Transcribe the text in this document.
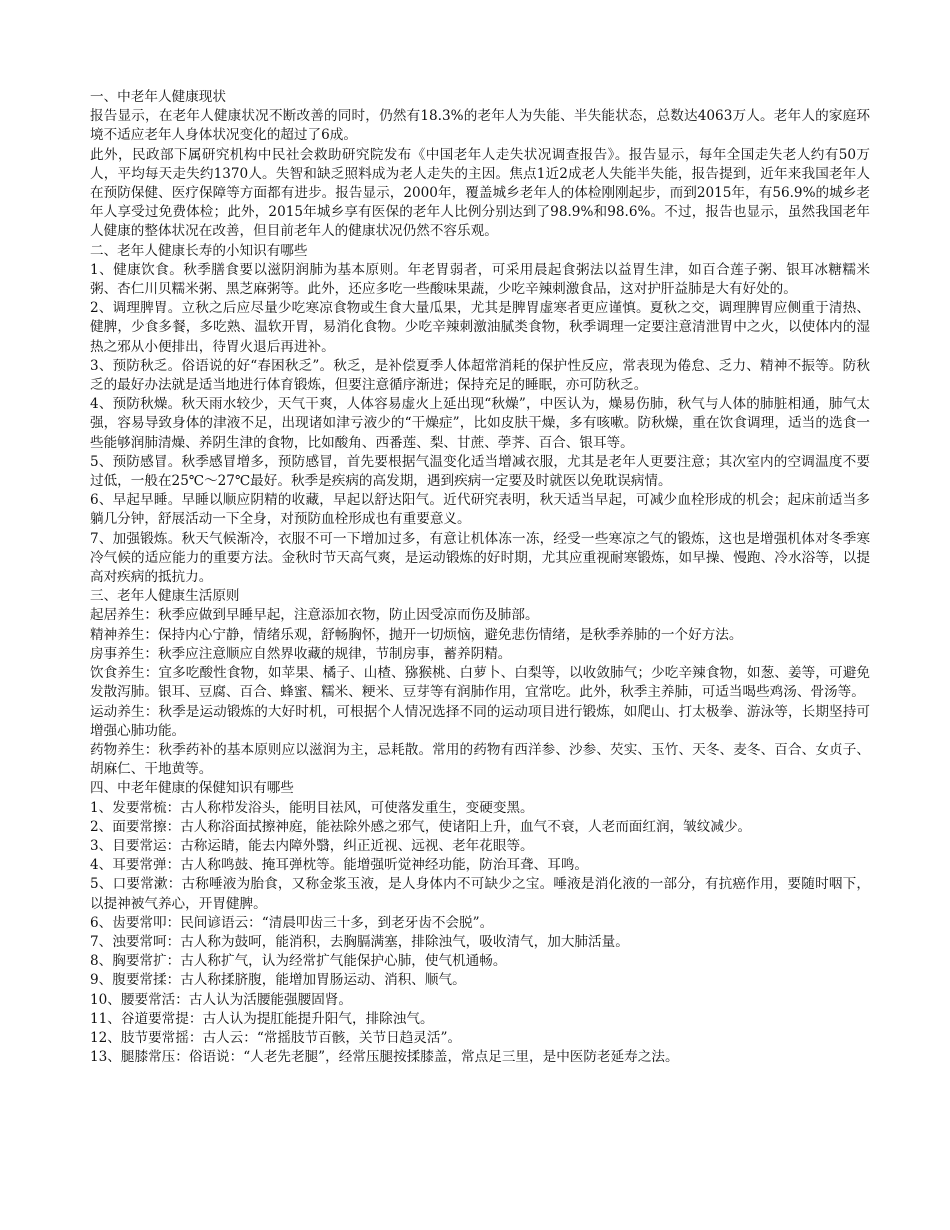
一、中老年人健康现状

报告显示，在老年人健康状况不断改善的同时，仍然有18.3%的老年人为失能、半失能状态，总数达4063万人。老年人的家庭环境不适应老年人身体状况变化的超过了6成。

此外，民政部下属研究机构中民社会救助研究院发布《中国老年人走失状况调查报告》。报告显示，每年全国走失老人约有50万人，平均每天走失约1370人。失智和缺乏照料成为老人走失的主因。焦点1近2成老人失能半失能，报告提到，近年来我国老年人在预防保健、医疗保障等方面都有进步。报告显示，2000年，覆盖城乡老年人的体检刚刚起步，而到2015年，有56.9%的城乡老年人享受过免费体检；此外，2015年城乡享有医保的老年人比例分别达到了98.9%和98.6%。不过，报告也显示，虽然我国老年人健康的整体状况在改善，但目前老年人的健康状况仍然不容乐观。

二、老年人健康长寿的小知识有哪些

1、健康饮食。秋季膳食要以滋阴润肺为基本原则。年老胃弱者，可采用晨起食粥法以益胃生津，如百合莲子粥、银耳冰糖糯米粥、杏仁川贝糯米粥、黑芝麻粥等。此外，还应多吃一些酸味果蔬，少吃辛辣刺激食品，这对护肝益肺是大有好处的。

2、调理脾胃。立秋之后应尽量少吃寒凉食物或生食大量瓜果，尤其是脾胃虚寒者更应谨慎。夏秋之交，调理脾胃应侧重于清热、健脾，少食多餐，多吃熟、温软开胃，易消化食物。少吃辛辣刺激油腻类食物，秋季调理一定要注意清泄胃中之火，以使体内的湿热之邪从小便排出，待胃火退后再进补。

3、预防秋乏。俗语说的好“春困秋乏”。秋乏，是补偿夏季人体超常消耗的保护性反应，常表现为倦怠、乏力、精神不振等。防秋乏的最好办法就是适当地进行体育锻炼，但要注意循序渐进；保持充足的睡眠，亦可防秋乏。

4、预防秋燥。秋天雨水较少，天气干爽，人体容易虚火上延出现“秋燥”，中医认为，燥易伤肺，秋气与人体的肺脏相通，肺气太强，容易导致身体的津液不足，出现诸如津亏液少的“干燥症”，比如皮肤干燥，多有咳嗽。防秋燥，重在饮食调理，适当的选食一些能够润肺清燥、养阴生津的食物，比如酸角、西番莲、梨、甘蔗、荸荠、百合、银耳等。

5、预防感冒。秋季感冒增多，预防感冒，首先要根据气温变化适当增减衣服，尤其是老年人更要注意；其次室内的空调温度不要过低，一般在25℃～27℃最好。秋季是疾病的高发期，遇到疾病一定要及时就医以免耽误病情。

6、早起早睡。早睡以顺应阴精的收藏，早起以舒达阳气。近代研究表明，秋天适当早起，可减少血栓形成的机会；起床前适当多躺几分钟，舒展活动一下全身，对预防血栓形成也有重要意义。

7、加强锻炼。秋天气候渐冷，衣服不可一下增加过多，有意让机体冻一冻，经受一些寒凉之气的锻炼，这也是增强机体对冬季寒冷气候的适应能力的重要方法。金秋时节天高气爽，是运动锻炼的好时期，尤其应重视耐寒锻炼，如早操、慢跑、冷水浴等，以提高对疾病的抵抗力。

三、老年人健康生活原则

起居养生：秋季应做到早睡早起，注意添加衣物，防止因受凉而伤及肺部。

精神养生：保持内心宁静，情绪乐观，舒畅胸怀，抛开一切烦恼，避免悲伤情绪，是秋季养肺的一个好方法。

房事养生：秋季应注意顺应自然界收藏的规律，节制房事，蓄养阴精。

饮食养生：宜多吃酸性食物，如苹果、橘子、山楂、猕猴桃、白萝卜、白梨等，以收敛肺气；少吃辛辣食物，如葱、姜等，可避免发散泻肺。银耳、豆腐、百合、蜂蜜、糯米、粳米、豆芽等有润肺作用，宜常吃。此外，秋季主养肺，可适当喝些鸡汤、骨汤等。

运动养生：秋季是运动锻炼的大好时机，可根据个人情况选择不同的运动项目进行锻炼，如爬山、打太极拳、游泳等，长期坚持可增强心肺功能。

药物养生：秋季药补的基本原则应以滋润为主，忌耗散。常用的药物有西洋参、沙参、芡实、玉竹、天冬、麦冬、百合、女贞子、胡麻仁、干地黄等。

四、中老年健康的保健知识有哪些

1、发要常梳：古人称栉发浴头，能明目祛风，可使落发重生，变硬变黑。

2、面要常擦：古人称浴面拭擦神庭，能祛除外感之邪气，使诸阳上升，血气不衰，人老而面红润，皱纹减少。

3、目要常运：古称运睛，能去内障外翳，纠正近视、远视、老年花眼等。

4、耳要常弹：古人称鸣鼓、掩耳弹枕等。能增强听觉神经功能，防治耳聋、耳鸣。

5、口要常漱：古称唾液为胎食，又称金浆玉液，是人身体内不可缺少之宝。唾液是消化液的一部分，有抗癌作用，要随时咽下，以提神被气养心，开胃健脾。

6、齿要常叩：民间谚语云：“清晨叩齿三十多，到老牙齿不会脱”。

7、浊要常呵：古人称为鼓呵，能消积，去胸膈满塞，排除浊气，吸收清气，加大肺活量。

8、胸要常扩：古人称扩气，认为经常扩气能保护心肺，使气机通畅。

9、腹要常揉：古人称揉脐腹，能增加胃肠运动、消积、顺气。

10、腰要常活：古人认为活腰能强腰固肾。

11、谷道要常提：古人认为提肛能提升阳气，排除浊气。

12、肢节要常摇：古人云：“常摇肢节百骸，关节日趋灵活”。

13、腿膝常压：俗语说：“人老先老腿”，经常压腿按揉膝盖，常点足三里，是中医防老延寿之法。
